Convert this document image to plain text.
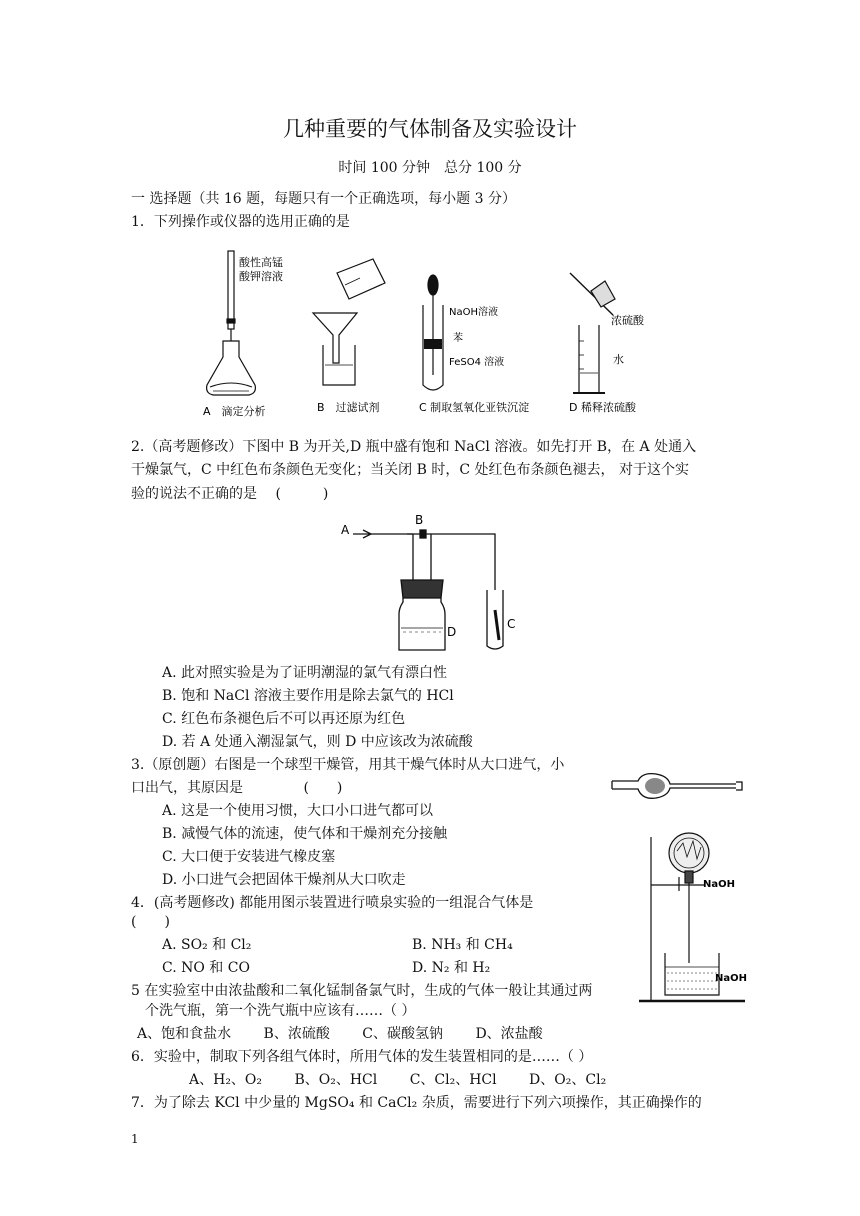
几种重要的气体制备及实验设计
时间 100 分钟　总分 100 分
一 选择题（共 16 题，每题只有一个正确选项，每小题 3 分）
1．下列操作或仪器的选用正确的是
酸性高锰
酸钾溶液
A　滴定分析	B　过滤试剂
NaOH溶液
苯
FeSO4 溶液
C 制取氢氧化亚铁沉淀
浓硫酸
水
D 稀释浓硫酸
2.（高考题修改）下图中 B 为开关,D 瓶中盛有饱和 NaCl 溶液。如先打开 B，在 A 处通入
干燥氯气，C 中红色布条颜色无变化；当关闭 B 时，C 处红色布条颜色褪去， 对于这个实
验的说法不正确的是　 (　　　)
A
B
D
C
A. 此对照实验是为了证明潮湿的氯气有漂白性
B. 饱和 NaCl 溶液主要作用是除去氯气的 HCl
C. 红色布条褪色后不可以再还原为红色
D. 若 A 处通入潮湿氯气，则 D 中应该改为浓硫酸
3.（原创题）右图是一个球型干燥管，用其干燥气体时从大口进气，小
口出气，其原因是　　　　 (　　)
A. 这是一个使用习惯，大口小口进气都可以
B. 减慢气体的流速，使气体和干燥剂充分接触
C. 大口便于安装进气橡皮塞
D. 小口进气会把固体干燥剂从大口吹走
4．(高考题修改) 都能用图示装置进行喷泉实验的一组混合气体是
(　　)
A. SO₂ 和 Cl₂	B. NH₃ 和 CH₄
C. NO 和 CO	D. N₂ 和 H₂
NaOH
NaOH
5 在实验室中由浓盐酸和二氧化锰制备氯气时，生成的气体一般让其通过两
个洗气瓶，第一个洗气瓶中应该有……（ ）
A、饱和食盐水　　 B、浓硫酸　　 C、碳酸氢钠　　 D、浓盐酸
6．实验中，制取下列各组气体时，所用气体的发生装置相同的是……（ ）
A、H₂、O₂　　 B、O₂、HCl　　 C、Cl₂、HCl　　 D、O₂、Cl₂
7．为了除去 KCl 中少量的 MgSO₄ 和 CaCl₂ 杂质，需要进行下列六项操作，其正确操作的
1
